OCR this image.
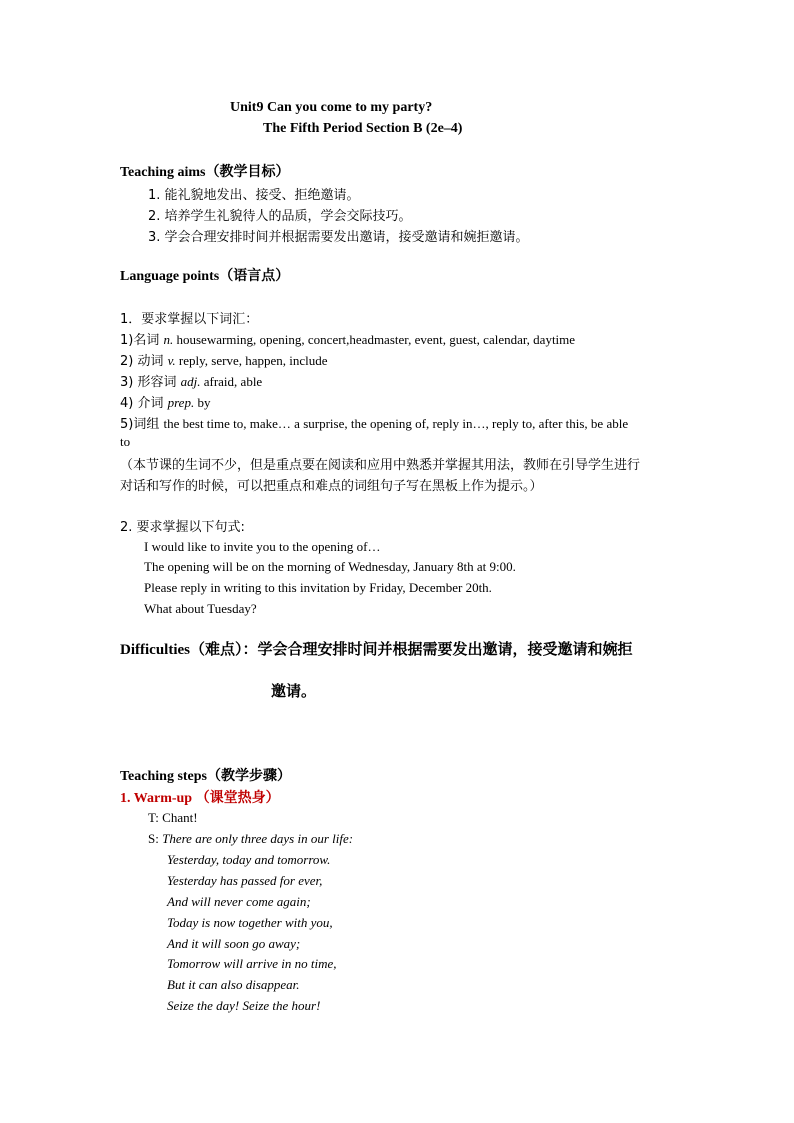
Unit9 Can you come to my party?
The Fifth Period Section B (2e–4)
Teaching aims（教学目标）
1. 能礼貌地发出、接受、拒绝邀请。
2. 培养学生礼貌待人的品质，学会交际技巧。
3. 学会合理安排时间并根据需要发出邀请，接受邀请和婉拒邀请。
Language points（语言点）
1．要求掌握以下词汇：
1)名词 n. housewarming, opening, concert,headmaster, event, guest, calendar, daytime
2) 动词 v. reply, serve, happen, include
3) 形容词 adj. afraid, able
4) 介词 prep. by
5)词组 the best time to, make… a surprise, the opening of, reply in…, reply to, after this, be able
to
（本节课的生词不少，但是重点要在阅读和应用中熟悉并掌握其用法，教师在引导学生进行
对话和写作的时候，可以把重点和难点的词组句子写在黑板上作为提示。）
2. 要求掌握以下句式:
I would like to invite you to the opening of…
The opening will be on the morning of Wednesday, January 8th at 9:00.
Please reply in writing to this invitation by Friday, December 20th.
What about Tuesday?
Difficulties（难点）：学会合理安排时间并根据需要发出邀请，接受邀请和婉拒
邀请。
Teaching steps（教学步骤）
1. Warm-up （课堂热身）
T: Chant!
S: There are only three days in our life:
Yesterday, today and tomorrow.
Yesterday has passed for ever,
And will never come again;
Today is now together with you,
And it will soon go away;
Tomorrow will arrive in no time,
But it can also disappear.
Seize the day! Seize the hour!
